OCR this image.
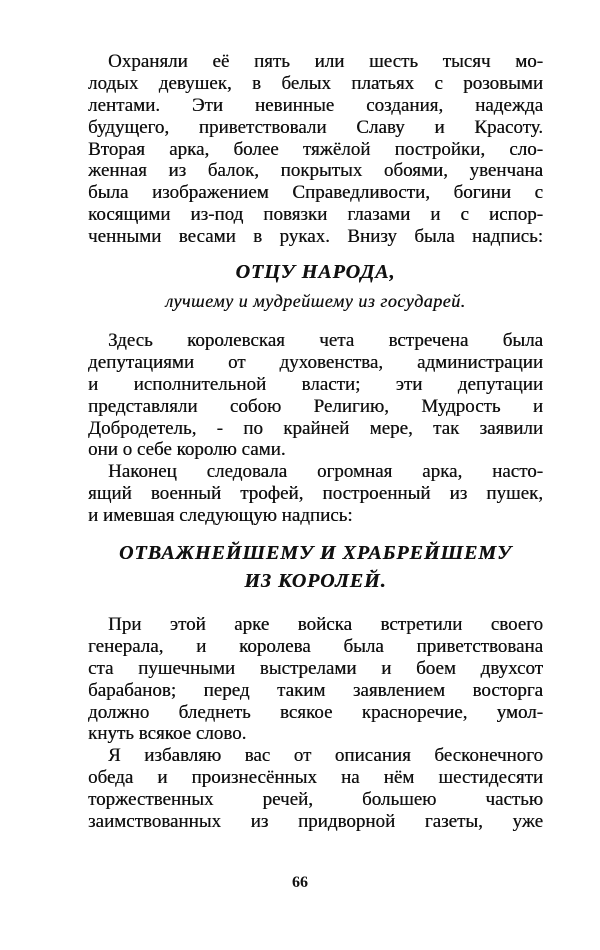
Охраняли её пять или шесть тысяч мо-
лодых девушек, в белых платьях с розовыми
лентами. Эти невинные создания, надежда
будущего, приветствовали Славу и Красоту.
Вторая арка, более тяжёлой постройки, сло-
женная из балок, покрытых обоями, увенчана
была изображением Справедливости, богини с
косящими из-под повязки глазами и с испор-
ченными весами в руках. Внизу была надпись:
ОТЦУ НАРОДА,
лучшему и мудрейшему из государей.
Здесь королевская чета встречена была
депутациями от духовенства, администрации
и исполнительной власти; эти депутации
представляли собою Религию, Мудрость и
Добродетель, - по крайней мере, так заявили
они о себе королю сами.
Наконец следовала огромная арка, насто-
ящий военный трофей, построенный из пушек,
и имевшая следующую надпись:
ОТВАЖНЕЙШЕМУ И ХРАБРЕЙШЕМУ
ИЗ КОРОЛЕЙ.
При этой арке войска встретили своего
генерала, и королева была приветствована
ста пушечными выстрелами и боем двухсот
барабанов; перед таким заявлением восторга
должно бледнеть всякое красноречие, умол-
кнуть всякое слово.
Я избавляю вас от описания бесконечного
обеда и произнесённых на нём шестидесяти
торжественных речей, большею частью
заимствованных из придворной газеты, уже
66
